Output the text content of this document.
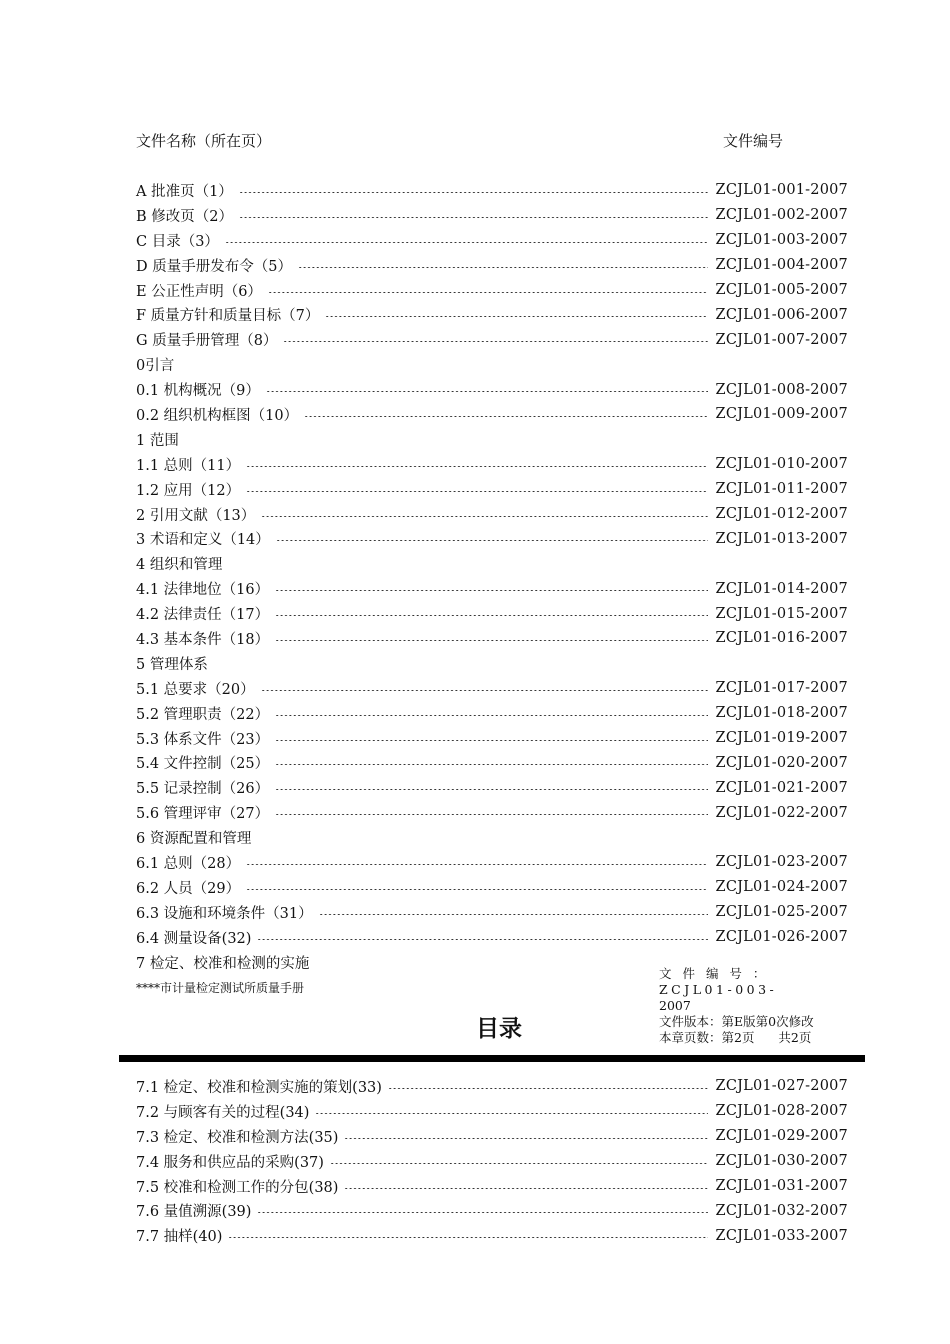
文件名称（所在页）	文件编号
A 批准页（1）	ZCJL01-001-2007
B 修改页（2）	ZCJL01-002-2007
C 目录（3）	ZCJL01-003-2007
D 质量手册发布令（5）	ZCJL01-004-2007
E 公正性声明（6）	ZCJL01-005-2007
F 质量方针和质量目标（7）	ZCJL01-006-2007
G 质量手册管理（8）	ZCJL01-007-2007
0引言
0.1 机构概况（9）	ZCJL01-008-2007
0.2 组织机构框图（10）	ZCJL01-009-2007
1 范围
1.1 总则（11）	ZCJL01-010-2007
1.2 应用（12）	ZCJL01-011-2007
2 引用文献（13）	ZCJL01-012-2007
3 术语和定义（14）	ZCJL01-013-2007
4 组织和管理
4.1 法律地位（16）	ZCJL01-014-2007
4.2 法律责任（17）	ZCJL01-015-2007
4.3 基本条件（18）	ZCJL01-016-2007
5 管理体系
5.1 总要求（20）	ZCJL01-017-2007
5.2 管理职责（22）	ZCJL01-018-2007
5.3 体系文件（23）	ZCJL01-019-2007
5.4 文件控制（25）	ZCJL01-020-2007
5.5 记录控制（26）	ZCJL01-021-2007
5.6 管理评审（27）	ZCJL01-022-2007
6 资源配置和管理
6.1 总则（28）	ZCJL01-023-2007
6.2 人员（29）	ZCJL01-024-2007
6.3 设施和环境条件（31）	ZCJL01-025-2007
6.4 测量设备(32)	ZCJL01-026-2007
7 检定、校准和检测的实施
****市计量检定测试所质量手册
目录
文 件 编 号 ： ZCJL01-003-
2007
文件版本：第E版第0次修改
本章页数：第2页 共2页
7.1 检定、校准和检测实施的策划(33)	ZCJL01-027-2007
7.2 与顾客有关的过程(34)	ZCJL01-028-2007
7.3 检定、校准和检测方法(35)	ZCJL01-029-2007
7.4 服务和供应品的采购(37)	ZCJL01-030-2007
7.5 校准和检测工作的分包(38)	ZCJL01-031-2007
7.6 量值溯源(39)	ZCJL01-032-2007
7.7 抽样(40)	ZCJL01-033-2007
